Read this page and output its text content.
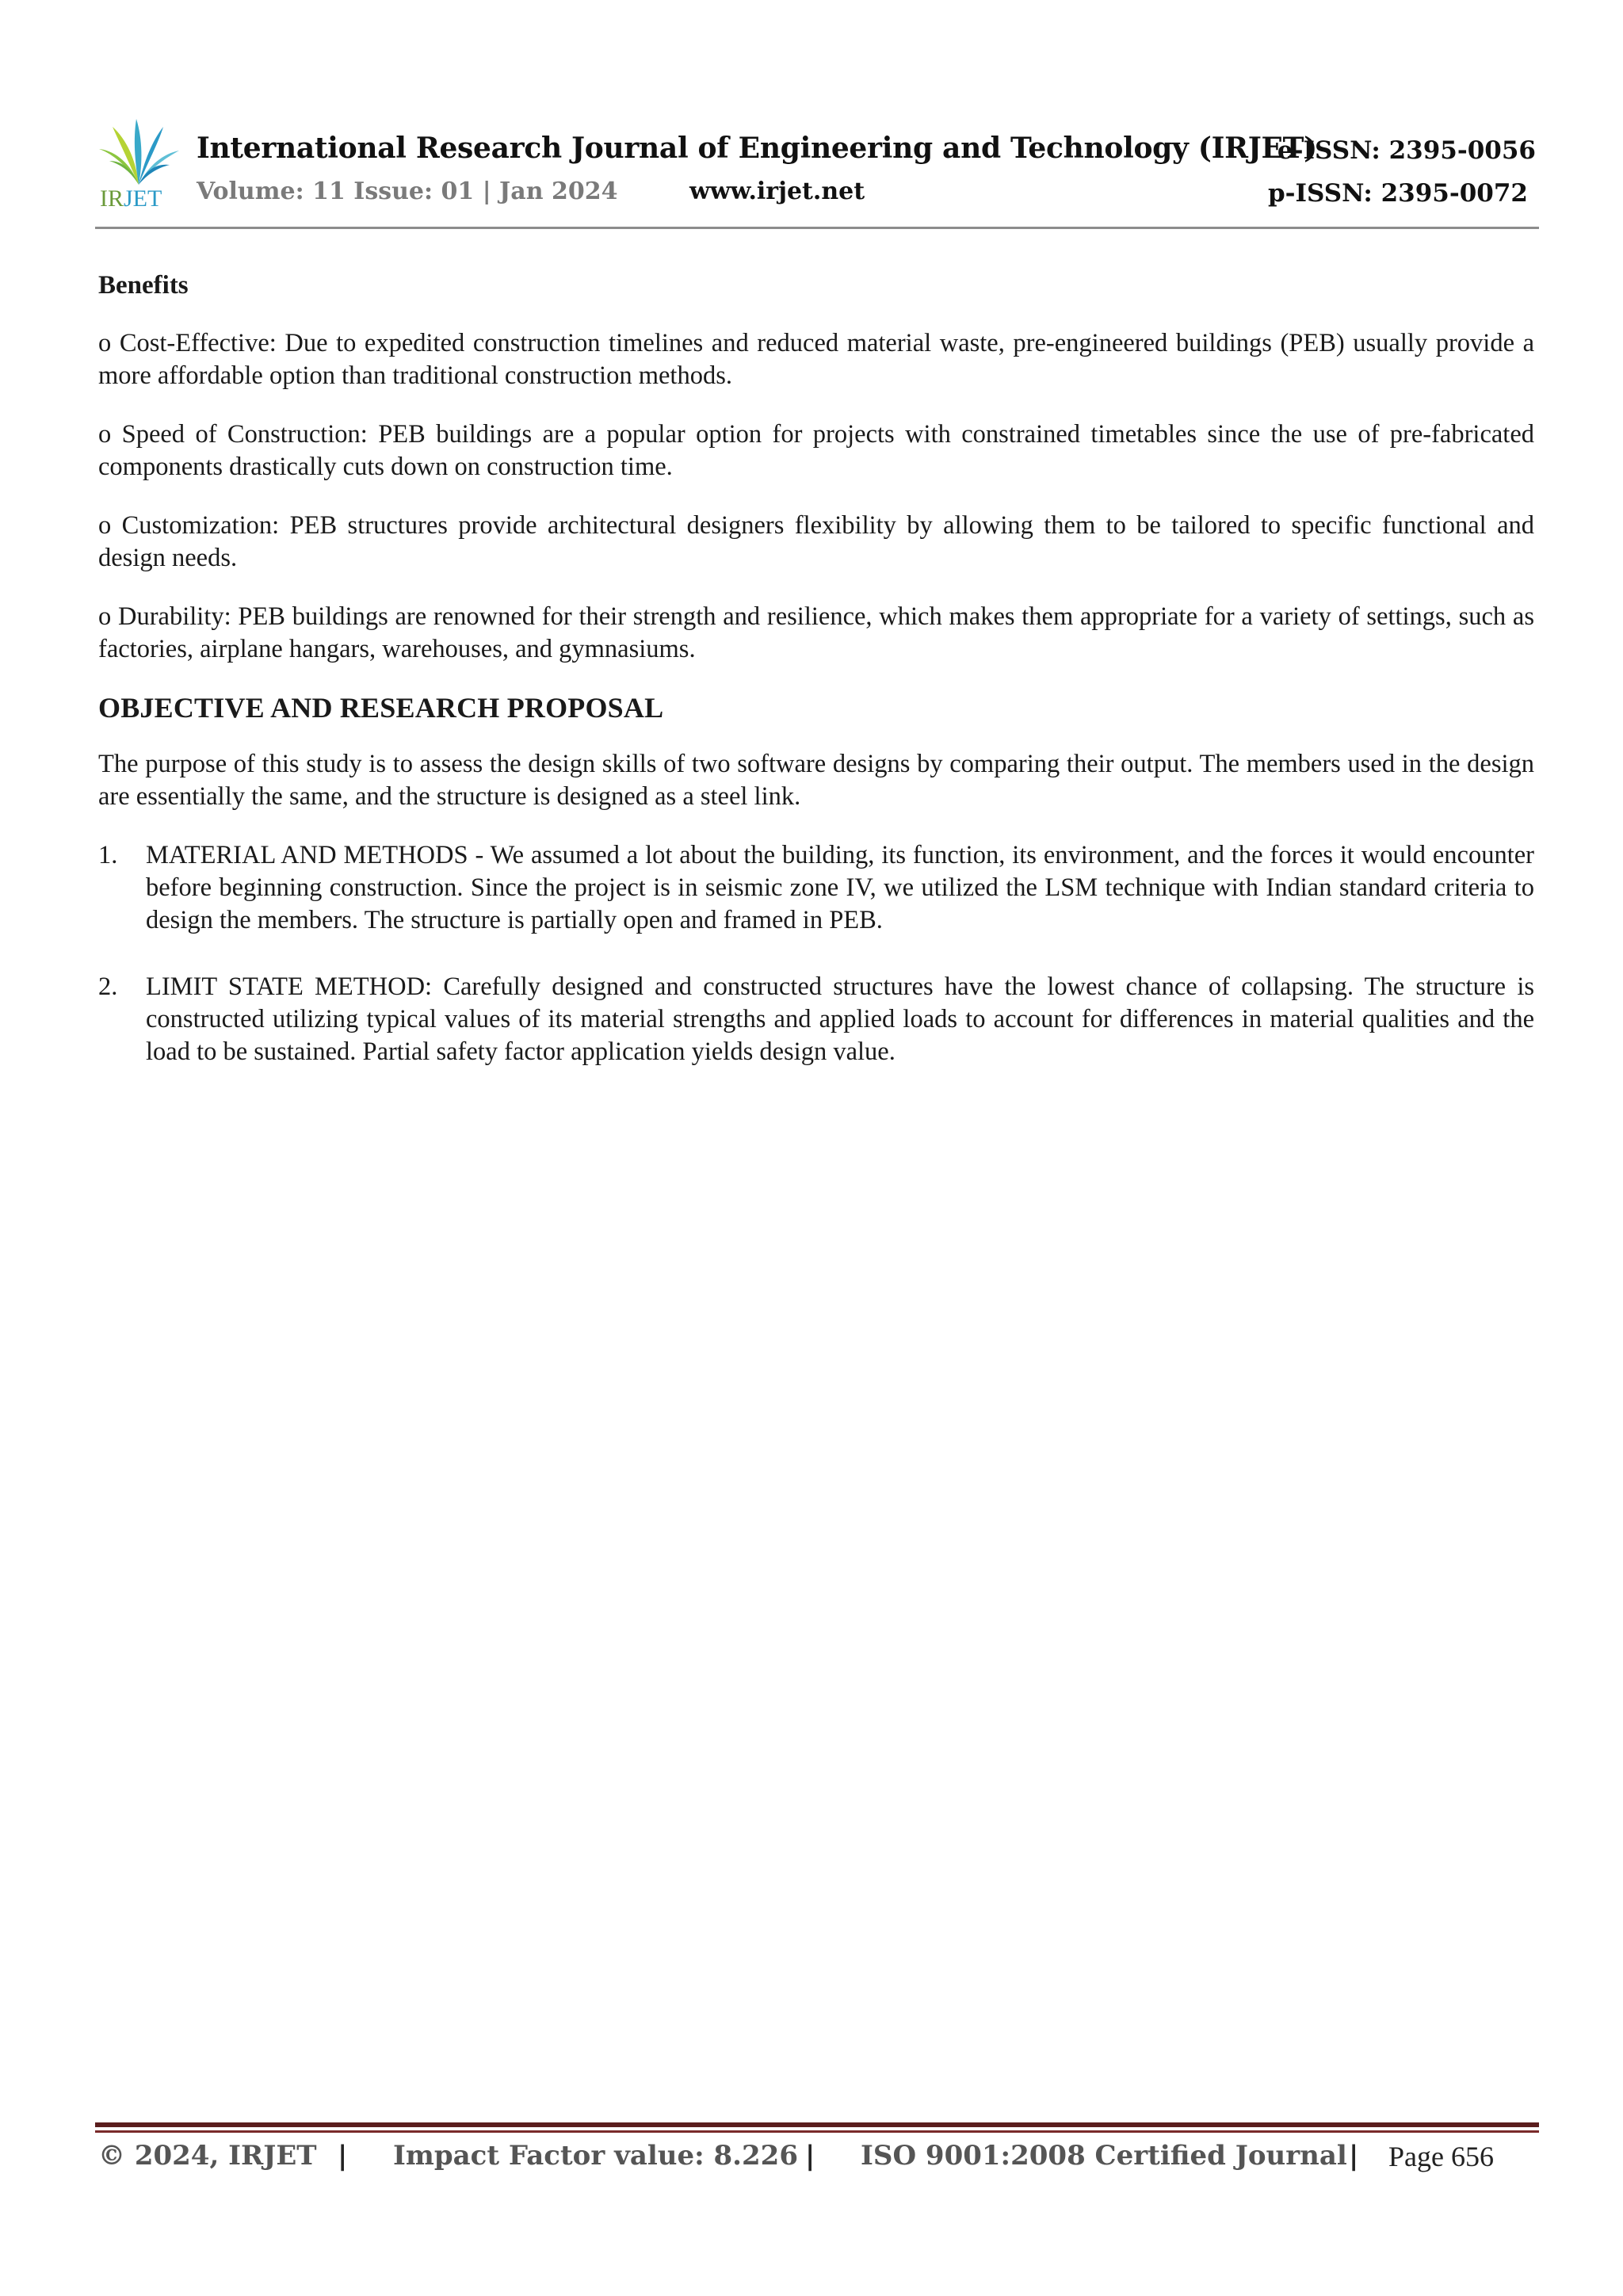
IRJET
International Research Journal of Engineering and Technology (IRJET)
e-ISSN: 2395-0056
Volume: 11 Issue: 01 | Jan 2024	www.irjet.net	p-ISSN: 2395-0072
Benefits

o Cost-Effective: Due to expedited construction timelines and reduced material waste, pre-engineered buildings (PEB) usually provide a more affordable option than traditional construction methods.

o Speed of Construction: PEB buildings are a popular option for projects with constrained timetables since the use of pre-fabricated components drastically cuts down on construction time.

o Customization: PEB structures provide architectural designers flexibility by allowing them to be tailored to specific functional and design needs.

o Durability: PEB buildings are renowned for their strength and resilience, which makes them appropriate for a variety of settings, such as factories, airplane hangars, warehouses, and gymnasiums.

OBJECTIVE AND RESEARCH PROPOSAL

The purpose of this study is to assess the design skills of two software designs by comparing their output. The members used in the design are essentially the same, and the structure is designed as a steel link.

1. MATERIAL AND METHODS - We assumed a lot about the building, its function, its environment, and the forces it would encounter before beginning construction. Since the project is in seismic zone IV, we utilized the LSM technique with Indian standard criteria to design the members. The structure is partially open and framed in PEB.
2. LIMIT STATE METHOD: Carefully designed and constructed structures have the lowest chance of collapsing. The structure is constructed utilizing typical values of its material strengths and applied loads to account for differences in material qualities and the load to be sustained. Partial safety factor application yields design value.
© 2024, IRJET | Impact Factor value: 8.226 | ISO 9001:2008 Certified Journal | Page 656
